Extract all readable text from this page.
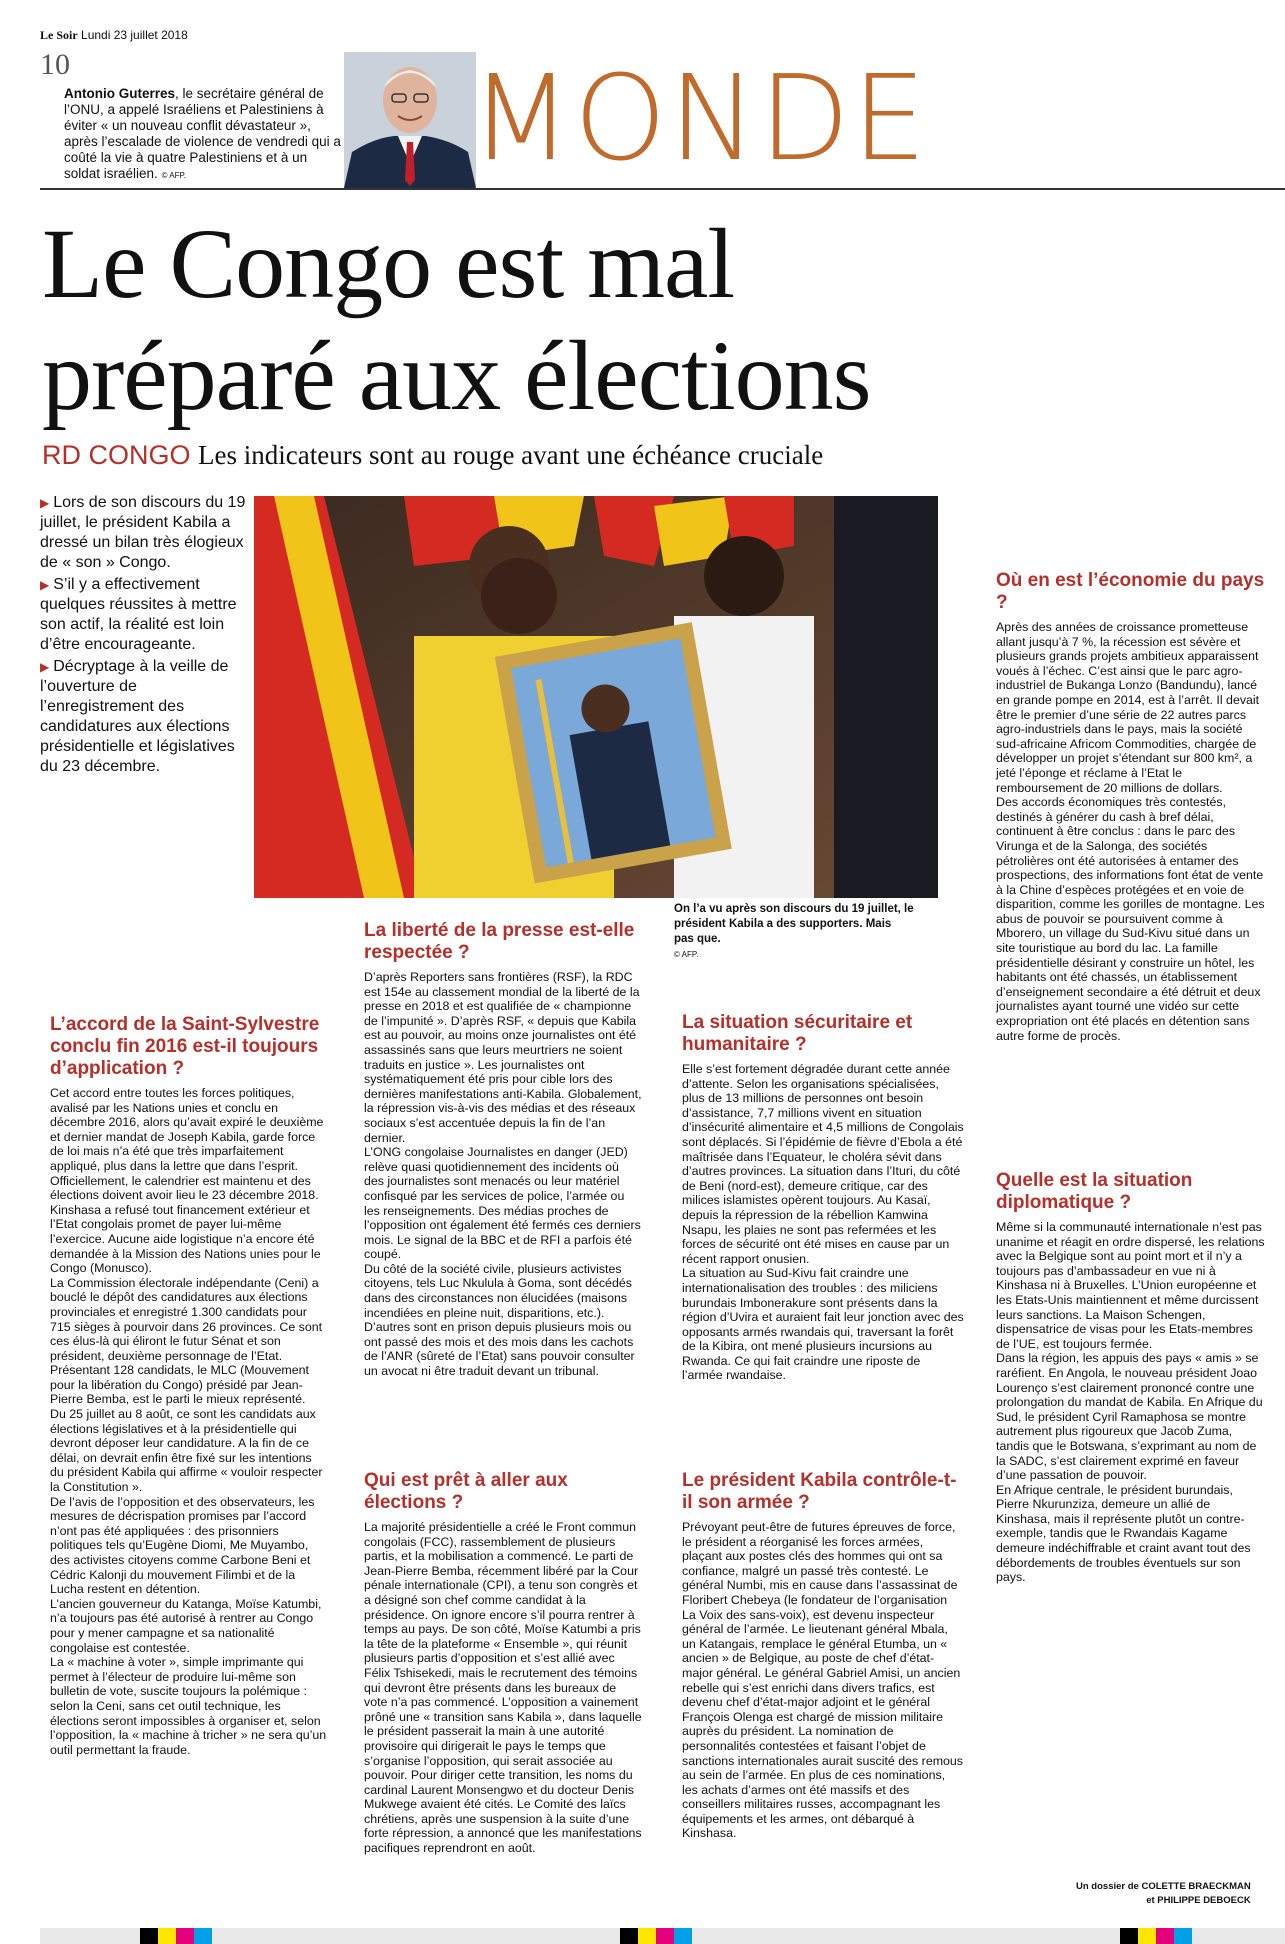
Le Soir Lundi 23 juillet 2018
10
Antonio Guterres, le secrétaire général de l’ONU, a appelé Israéliens et Palestiniens à éviter « un nouveau conflit dévastateur », après l’escalade de violence de vendredi qui a coûté la vie à quatre Palestiniens et à un soldat israélien. © AFP.	MONDE
Le Congo est mal
préparé aux élections
RD CONGO Les indicateurs sont au rouge avant une échéance cruciale

▶ Lors de son discours du 19 juillet, le président Kabila a dressé un bilan très élogieux de « son » Congo.

▶ S’il y a effectivement quelques réussites à mettre son actif, la réalité est loin d’être encourageante.

▶ Décryptage à la veille de l’ouverture de l’enregistrement des candidatures aux élections présidentielle et législatives du 23 décembre.

On l’a vu après son discours du 19 juillet, le président Kabila a des supporters. Mais pas que.
© AFP.
Où en est l’économie du pays ?

Après des années de croissance prometteuse allant jusqu’à 7 %, la récession est sévère et plusieurs grands projets ambitieux apparaissent voués à l’échec. C’est ainsi que le parc agro-industriel de Bukanga Lonzo (Bandundu), lancé en grande pompe en 2014, est à l’arrêt. Il devait être le premier d’une série de 22 autres parcs agro-industriels dans le pays, mais la société sud-africaine Africom Commodities, chargée de développer un projet s’étendant sur 800 km², a jeté l’éponge et réclame à l’Etat le remboursement de 20 millions de dollars.

Des accords économiques très contestés, destinés à générer du cash à bref délai, continuent à être conclus : dans le parc des Virunga et de la Salonga, des sociétés pétrolières ont été autorisées à entamer des prospections, des informations font état de vente à la Chine d’espèces protégées et en voie de disparition, comme les gorilles de montagne. Les abus de pouvoir se poursuivent comme à Mborero, un village du Sud-Kivu situé dans un site touristique au bord du lac. La famille présidentielle désirant y construire un hôtel, les habitants ont été chassés, un établissement d’enseignement secondaire a été détruit et deux journalistes ayant tourné une vidéo sur cette expropriation ont été placés en détention sans autre forme de procès.

La liberté de la presse est-elle respectée ?

D’après Reporters sans frontières (RSF), la RDC est 154e au classement mondial de la liberté de la presse en 2018 et est qualifiée de « championne de l’impunité ». D’après RSF, « depuis que Kabila est au pouvoir, au moins onze journalistes ont été assassinés sans que leurs meurtriers ne soient traduits en justice ». Les journalistes ont systématiquement été pris pour cible lors des dernières manifestations anti-Kabila. Globalement, la répression vis-à-vis des médias et des réseaux sociaux s’est accentuée depuis la fin de l’an dernier.

L’ONG congolaise Journalistes en danger (JED) relève quasi quotidiennement des incidents où des journalistes sont menacés ou leur matériel confisqué par les services de police, l’armée ou les renseignements. Des médias proches de l’opposition ont également été fermés ces derniers mois. Le signal de la BBC et de RFI a parfois été coupé.

Du côté de la société civile, plusieurs activistes citoyens, tels Luc Nkulula à Goma, sont décédés dans des circonstances non élucidées (maisons incendiées en pleine nuit, disparitions, etc.). D’autres sont en prison depuis plusieurs mois ou ont passé des mois et des mois dans les cachots de l’ANR (sûreté de l’Etat) sans pouvoir consulter un avocat ni être traduit devant un tribunal.

L’accord de la Saint-Sylvestre conclu fin 2016 est-il toujours d’application ?

Cet accord entre toutes les forces politiques, avalisé par les Nations unies et conclu en décembre 2016, alors qu’avait expiré le deuxième et dernier mandat de Joseph Kabila, garde force de loi mais n’a été que très imparfaitement appliqué, plus dans la lettre que dans l’esprit. Officiellement, le calendrier est maintenu et des élections doivent avoir lieu le 23 décembre 2018. Kinshasa a refusé tout financement extérieur et l’Etat congolais promet de payer lui-même l’exercice. Aucune aide logistique n’a encore été demandée à la Mission des Nations unies pour le Congo (Monusco).

La Commission électorale indépendante (Ceni) a bouclé le dépôt des candidatures aux élections provinciales et enregistré 1.300 candidats pour 715 sièges à pourvoir dans 26 provinces. Ce sont ces élus-là qui éliront le futur Sénat et son président, deuxième personnage de l’Etat. Présentant 128 candidats, le MLC (Mouvement pour la libération du Congo) présidé par Jean-Pierre Bemba, est le parti le mieux représenté.

Du 25 juillet au 8 août, ce sont les candidats aux élections législatives et à la présidentielle qui devront déposer leur candidature. A la fin de ce délai, on devrait enfin être fixé sur les intentions du président Kabila qui affirme « vouloir respecter la Constitution ».

De l’avis de l’opposition et des observateurs, les mesures de décrispation promises par l’accord n’ont pas été appliquées : des prisonniers politiques tels qu’Eugène Diomi, Me Muyambo, des activistes citoyens comme Carbone Beni et Cédric Kalonji du mouvement Filimbi et de la Lucha restent en détention.

L’ancien gouverneur du Katanga, Moïse Katumbi, n’a toujours pas été autorisé à rentrer au Congo pour y mener campagne et sa nationalité congolaise est contestée.

La « machine à voter », simple imprimante qui permet à l’électeur de produire lui-même son bulletin de vote, suscite toujours la polémique : selon la Ceni, sans cet outil technique, les élections seront impossibles à organiser et, selon l’opposition, la « machine à tricher » ne sera qu’un outil permettant la fraude.

La situation sécuritaire et humanitaire ?

Elle s’est fortement dégradée durant cette année d’attente. Selon les organisations spécialisées, plus de 13 millions de personnes ont besoin d’assistance, 7,7 millions vivent en situation d’insécurité alimentaire et 4,5 millions de Congolais sont déplacés. Si l’épidémie de fièvre d’Ebola a été maîtrisée dans l’Equateur, le choléra sévit dans d’autres provinces. La situation dans l’Ituri, du côté de Beni (nord-est), demeure critique, car des milices islamistes opèrent toujours. Au Kasaï, depuis la répression de la rébellion Kamwina Nsapu, les plaies ne sont pas refermées et les forces de sécurité ont été mises en cause par un récent rapport onusien.

La situation au Sud-Kivu fait craindre une internationalisation des troubles : des miliciens burundais Imbonerakure sont présents dans la région d’Uvira et auraient fait leur jonction avec des opposants armés rwandais qui, traversant la forêt de la Kibira, ont mené plusieurs incursions au Rwanda. Ce qui fait craindre une riposte de l’armée rwandaise.

Quelle est la situation diplomatique ?

Même si la communauté internationale n’est pas unanime et réagit en ordre dispersé, les relations avec la Belgique sont au point mort et il n’y a toujours pas d’ambassadeur en vue ni à Kinshasa ni à Bruxelles. L’Union européenne et les Etats-Unis maintiennent et même durcissent leurs sanctions. La Maison Schengen, dispensatrice de visas pour les Etats-membres de l’UE, est toujours fermée.

Dans la région, les appuis des pays « amis » se raréfient. En Angola, le nouveau président Joao Lourenço s’est clairement prononcé contre une prolongation du mandat de Kabila. En Afrique du Sud, le président Cyril Ramaphosa se montre autrement plus rigoureux que Jacob Zuma, tandis que le Botswana, s’exprimant au nom de la SADC, s’est clairement exprimé en faveur d’une passation de pouvoir.

En Afrique centrale, le président burundais, Pierre Nkurunziza, demeure un allié de Kinshasa, mais il représente plutôt un contre-exemple, tandis que le Rwandais Kagame demeure indéchiffrable et craint avant tout des débordements de troubles éventuels sur son pays.

Qui est prêt à aller aux élections ?

La majorité présidentielle a créé le Front commun congolais (FCC), rassemblement de plusieurs partis, et la mobilisation a commencé. Le parti de Jean-Pierre Bemba, récemment libéré par la Cour pénale internationale (CPI), a tenu son congrès et a désigné son chef comme candidat à la présidence. On ignore encore s’il pourra rentrer à temps au pays. De son côté, Moïse Katumbi a pris la tête de la plateforme « Ensemble », qui réunit plusieurs partis d’opposition et s’est allié avec Félix Tshisekedi, mais le recrutement des témoins qui devront être présents dans les bureaux de vote n’a pas commencé. L’opposition a vainement prôné une « transition sans Kabila », dans laquelle le président passerait la main à une autorité provisoire qui dirigerait le pays le temps que s’organise l’opposition, qui serait associée au pouvoir. Pour diriger cette transition, les noms du cardinal Laurent Monsengwo et du docteur Denis Mukwege avaient été cités. Le Comité des laïcs chrétiens, après une suspension à la suite d’une forte répression, a annoncé que les manifestations pacifiques reprendront en août.

Le président Kabila contrôle-t-il son armée ?

Prévoyant peut-être de futures épreuves de force, le président a réorganisé les forces armées, plaçant aux postes clés des hommes qui ont sa confiance, malgré un passé très contesté. Le général Numbi, mis en cause dans l’assassinat de Floribert Chebeya (le fondateur de l’organisation La Voix des sans-voix), est devenu inspecteur général de l’armée. Le lieutenant général Mbala, un Katangais, remplace le général Etumba, un « ancien » de Belgique, au poste de chef d’état-major général. Le général Gabriel Amisi, un ancien rebelle qui s’est enrichi dans divers trafics, est devenu chef d’état-major adjoint et le général François Olenga est chargé de mission militaire auprès du président. La nomination de personnalités contestées et faisant l’objet de sanctions internationales aurait suscité des remous au sein de l’armée. En plus de ces nominations, les achats d’armes ont été massifs et des conseillers militaires russes, accompagnant les équipements et les armes, ont débarqué à Kinshasa.

Un dossier de COLETTE BRAECKMAN
et PHILIPPE DEBOECK
